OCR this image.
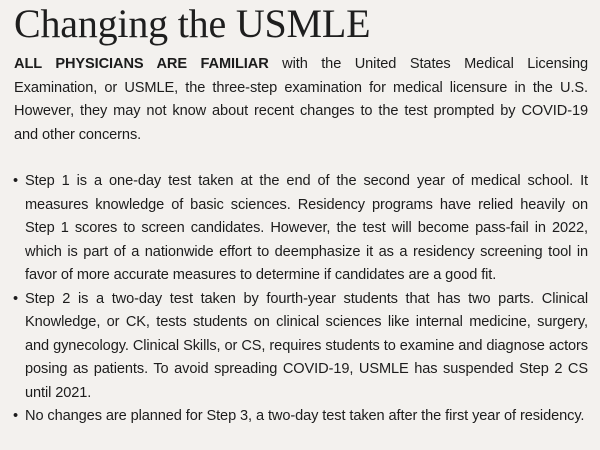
Changing the USMLE

ALL PHYSICIANS ARE FAMILIAR with the United States Medical Licensing Examination, or USMLE, the three-step examination for medical licensure in the U.S. However, they may not know about recent changes to the test prompted by COVID-19 and other concerns.

• Step 1 is a one-day test taken at the end of the second year of medical school. It measures knowledge of basic sciences. Residency programs have relied heavily on Step 1 scores to screen candidates. However, the test will become pass-fail in 2022, which is part of a nationwide effort to deemphasize it as a residency screening tool in favor of more accurate measures to determine if candidates are a good fit.
• Step 2 is a two-day test taken by fourth-year students that has two parts. Clinical Knowledge, or CK, tests students on clinical sciences like internal medicine, surgery, and gynecology. Clinical Skills, or CS, requires students to examine and diagnose actors posing as patients. To avoid spreading COVID-19, USMLE has suspended Step 2 CS until 2021.
• No changes are planned for Step 3, a two-day test taken after the first year of residency.
